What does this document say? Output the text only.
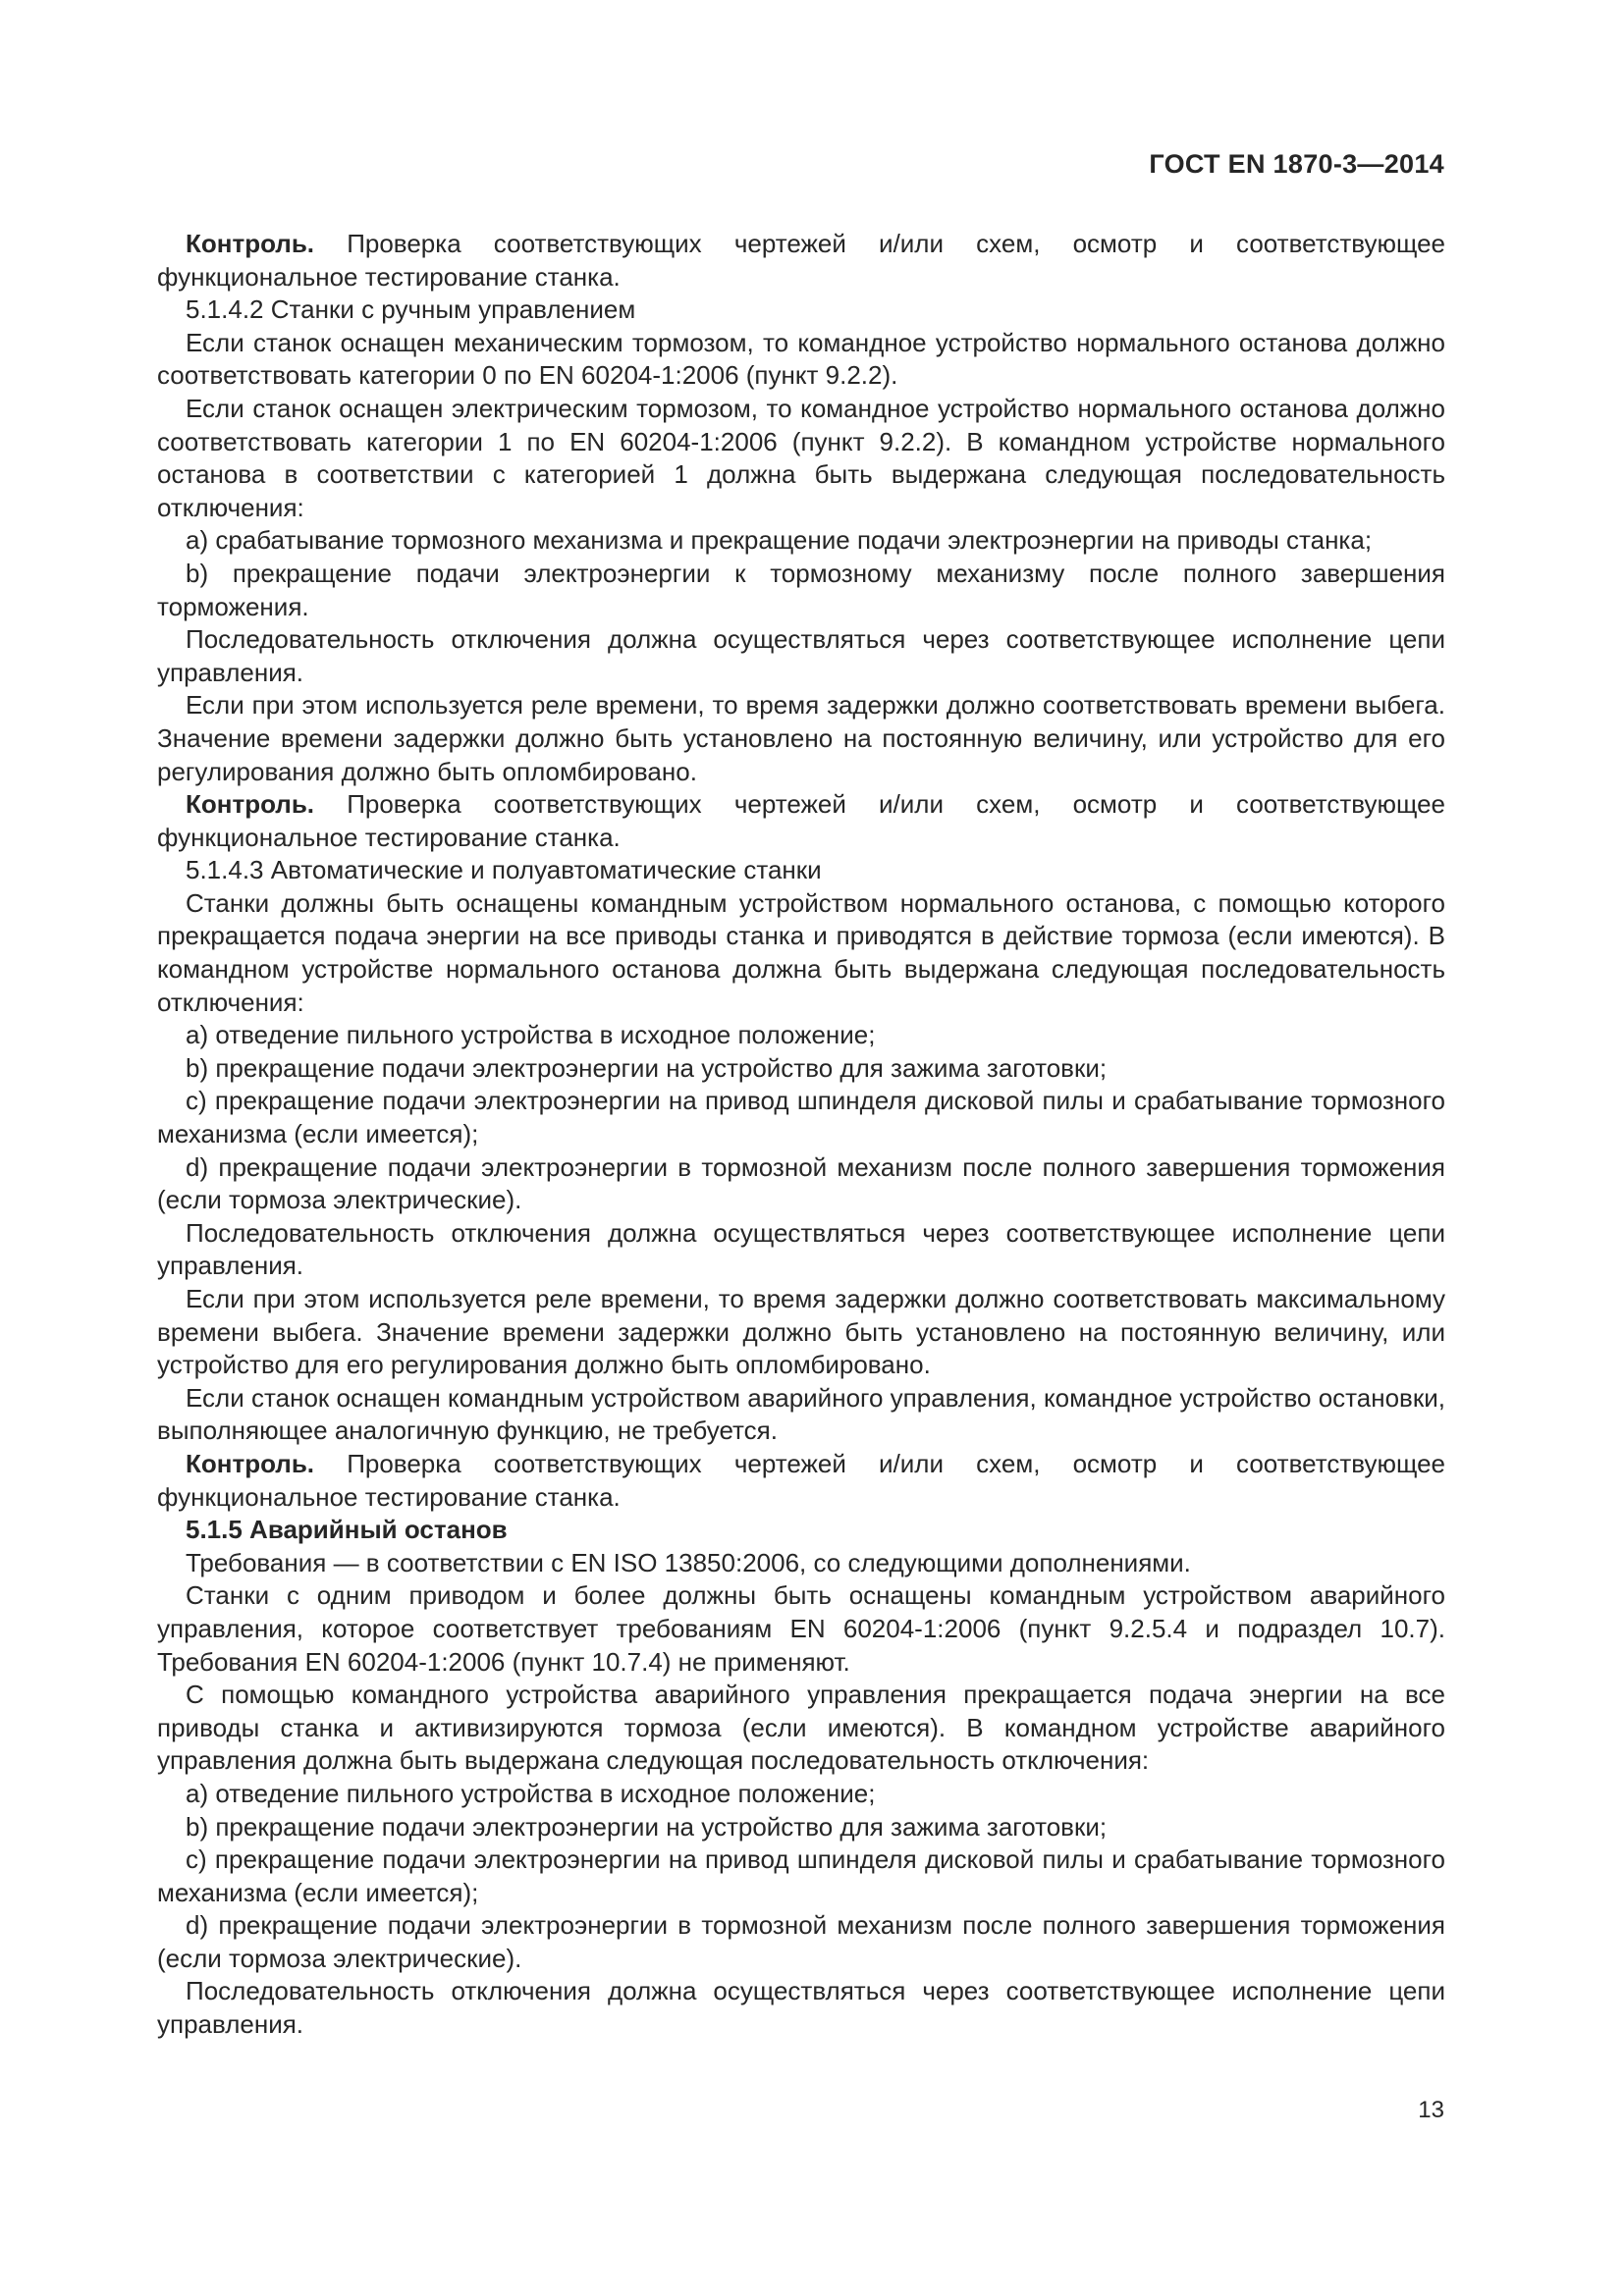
ГОСТ EN 1870-3—2014

Контроль. Проверка соответствующих чертежей и/или схем, осмотр и соответствующее функциональное тестирование станка.

5.1.4.2 Станки с ручным управлением

Если станок оснащен механическим тормозом, то командное устройство нормального останова должно соответствовать категории 0 по EN 60204-1:2006 (пункт 9.2.2).

Если станок оснащен электрическим тормозом, то командное устройство нормального останова должно соответствовать категории 1 по EN 60204-1:2006 (пункт 9.2.2). В командном устройстве нормального останова в соответствии с категорией 1 должна быть выдержана следующая последовательность отключения:

a) срабатывание тормозного механизма и прекращение подачи электроэнергии на приводы станка;

b) прекращение подачи электроэнергии к тормозному механизму после полного завершения торможения.

Последовательность отключения должна осуществляться через соответствующее исполнение цепи управления.

Если при этом используется реле времени, то время задержки должно соответствовать времени выбега. Значение времени задержки должно быть установлено на постоянную величину, или устройство для его регулирования должно быть опломбировано.

Контроль. Проверка соответствующих чертежей и/или схем, осмотр и соответствующее функциональное тестирование станка.

5.1.4.3 Автоматические и полуавтоматические станки

Станки должны быть оснащены командным устройством нормального останова, с помощью которого прекращается подача энергии на все приводы станка и приводятся в действие тормоза (если имеются). В командном устройстве нормального останова должна быть выдержана следующая последовательность отключения:

a) отведение пильного устройства в исходное положение;

b) прекращение подачи электроэнергии на устройство для зажима заготовки;

c) прекращение подачи электроэнергии на привод шпинделя дисковой пилы и срабатывание тормозного механизма (если имеется);

d) прекращение подачи электроэнергии в тормозной механизм после полного завершения торможения (если тормоза электрические).

Последовательность отключения должна осуществляться через соответствующее исполнение цепи управления.

Если при этом используется реле времени, то время задержки должно соответствовать максимальному времени выбега. Значение времени задержки должно быть установлено на постоянную величину, или устройство для его регулирования должно быть опломбировано.

Если станок оснащен командным устройством аварийного управления, командное устройство остановки, выполняющее аналогичную функцию, не требуется.

Контроль. Проверка соответствующих чертежей и/или схем, осмотр и соответствующее функциональное тестирование станка.

5.1.5 Аварийный останов

Требования — в соответствии с EN ISO 13850:2006, со следующими дополнениями.

Станки с одним приводом и более должны быть оснащены командным устройством аварийного управления, которое соответствует требованиям EN 60204-1:2006 (пункт 9.2.5.4 и подраздел 10.7). Требования EN 60204-1:2006 (пункт 10.7.4) не применяют.

С помощью командного устройства аварийного управления прекращается подача энергии на все приводы станка и активизируются тормоза (если имеются). В командном устройстве аварийного управления должна быть выдержана следующая последовательность отключения:

a) отведение пильного устройства в исходное положение;

b) прекращение подачи электроэнергии на устройство для зажима заготовки;

c) прекращение подачи электроэнергии на привод шпинделя дисковой пилы и срабатывание тормозного механизма (если имеется);

d) прекращение подачи электроэнергии в тормозной механизм после полного завершения торможения (если тормоза электрические).

Последовательность отключения должна осуществляться через соответствующее исполнение цепи управления.

13
